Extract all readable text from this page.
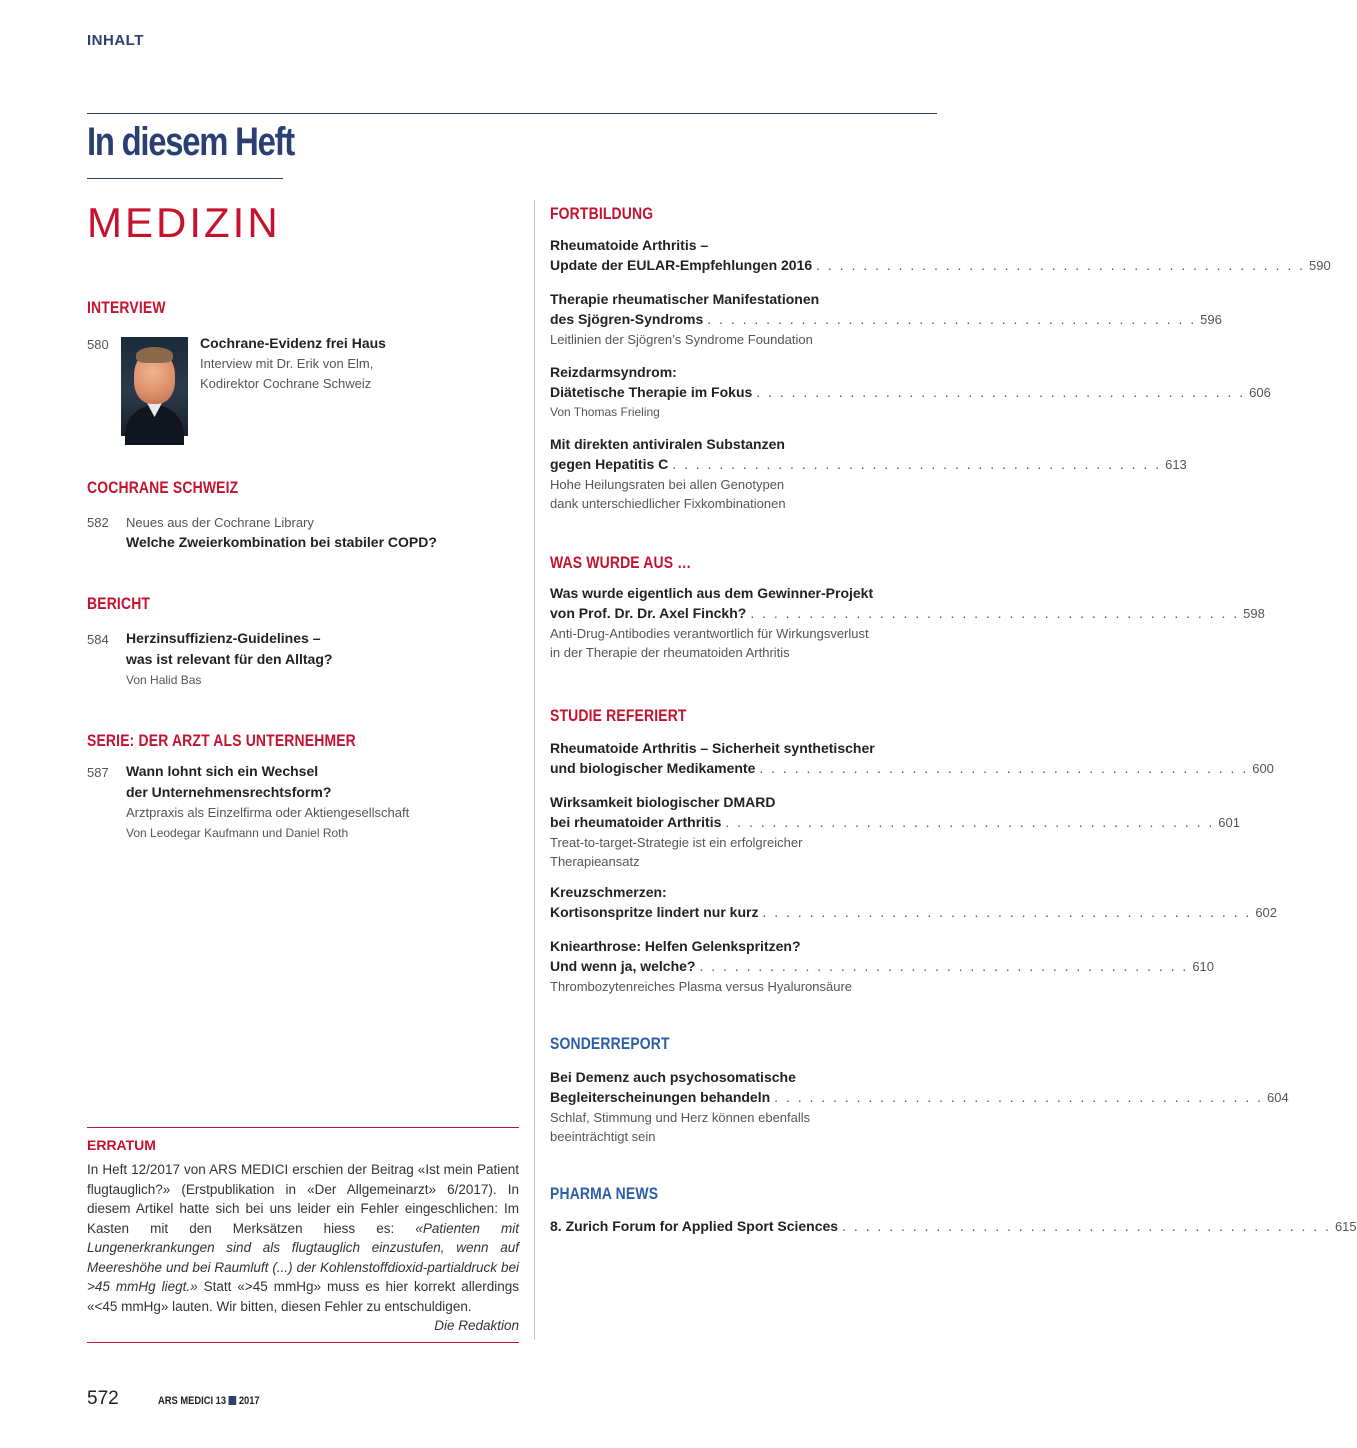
INHALT
In diesem Heft
MEDIZIN
INTERVIEW
580	Cochrane-Evidenz frei Haus
Interview mit Dr. Erik von Elm,
Kodirektor Cochrane Schweiz
COCHRANE SCHWEIZ
582 Neues aus der Cochrane Library
Welche Zweierkombination bei stabiler COPD?
BERICHT
584 Herzinsuffizienz-Guidelines –
was ist relevant für den Alltag?
Von Halid Bas
SERIE: DER ARZT ALS UNTERNEHMER
587 Wann lohnt sich ein Wechsel
der Unternehmensrechtsform?
Arztpraxis als Einzelfirma oder Aktiengesellschaft
Von Leodegar Kaufmann und Daniel Roth
ERRATUM
In Heft 12/2017 von ARS MEDICI erschien der Beitrag «Ist mein Patient flugtauglich?» (Erstpublikation in «Der Allgemeinarzt» 6/2017). In diesem Artikel hatte sich bei uns leider ein Fehler eingeschlichen: Im Kasten mit den Merksätzen hiess es: «Patienten mit Lungenerkrankungen sind als flugtauglich einzustufen, wenn auf Meereshöhe und bei Raumluft (...) der Kohlenstoffdioxid-partialdruck bei >45 mmHg liegt.» Statt «>45 mmHg» muss es hier korrekt allerdings «<45 mmHg» lauten. Wir bitten, diesen Fehler zu entschuldigen.
Die Redaktion
FORTBILDUNG
Rheumatoide Arthritis –
Update der EULAR-Empfehlungen 2016 . . . . . . . . . . . . . . . . . . . . . . . . . . . . . . . . . . . . . . . . . . 590
Therapie rheumatischer Manifestationen
des Sjögren-Syndroms . . . . . . . . . . . . . . . . . . . . . . . . . . . . . . . . . . . . . . . . . . 596
Leitlinien der Sjögren’s Syndrome Foundation
Reizdarmsyndrom:
Diätetische Therapie im Fokus . . . . . . . . . . . . . . . . . . . . . . . . . . . . . . . . . . . . . . . . . . 606
Von Thomas Frieling
Mit direkten antiviralen Substanzen
gegen Hepatitis C . . . . . . . . . . . . . . . . . . . . . . . . . . . . . . . . . . . . . . . . . . 613
Hohe Heilungsraten bei allen Genotypen
dank unterschiedlicher Fixkombinationen
WAS WURDE AUS …
Was wurde eigentlich aus dem Gewinner-Projekt
von Prof. Dr. Dr. Axel Finckh? . . . . . . . . . . . . . . . . . . . . . . . . . . . . . . . . . . . . . . . . . . 598
Anti-Drug-Antibodies verantwortlich für Wirkungsverlust
in der Therapie der rheumatoiden Arthritis
STUDIE REFERIERT
Rheumatoide Arthritis – Sicherheit synthetischer
und biologischer Medikamente . . . . . . . . . . . . . . . . . . . . . . . . . . . . . . . . . . . . . . . . . . 600
Wirksamkeit biologischer DMARD
bei rheumatoider Arthritis . . . . . . . . . . . . . . . . . . . . . . . . . . . . . . . . . . . . . . . . . . 601
Treat-to-target-Strategie ist ein erfolgreicher
Therapieansatz
Kreuzschmerzen:
Kortisonspritze lindert nur kurz . . . . . . . . . . . . . . . . . . . . . . . . . . . . . . . . . . . . . . . . . . 602
Kniearthrose: Helfen Gelenkspritzen?
Und wenn ja, welche? . . . . . . . . . . . . . . . . . . . . . . . . . . . . . . . . . . . . . . . . . . 610
Thrombozytenreiches Plasma versus Hyaluronsäure
SONDERREPORT
Bei Demenz auch psychosomatische
Begleiterscheinungen behandeln . . . . . . . . . . . . . . . . . . . . . . . . . . . . . . . . . . . . . . . . . . 604
Schlaf, Stimmung und Herz können ebenfalls
beeinträchtigt sein
PHARMA NEWS
8. Zurich Forum for Applied Sport Sciences . . . . . . . . . . . . . . . . . . . . . . . . . . . . . . . . . . . . . . . . . . 615
572	ARS MEDICI 13 2017
